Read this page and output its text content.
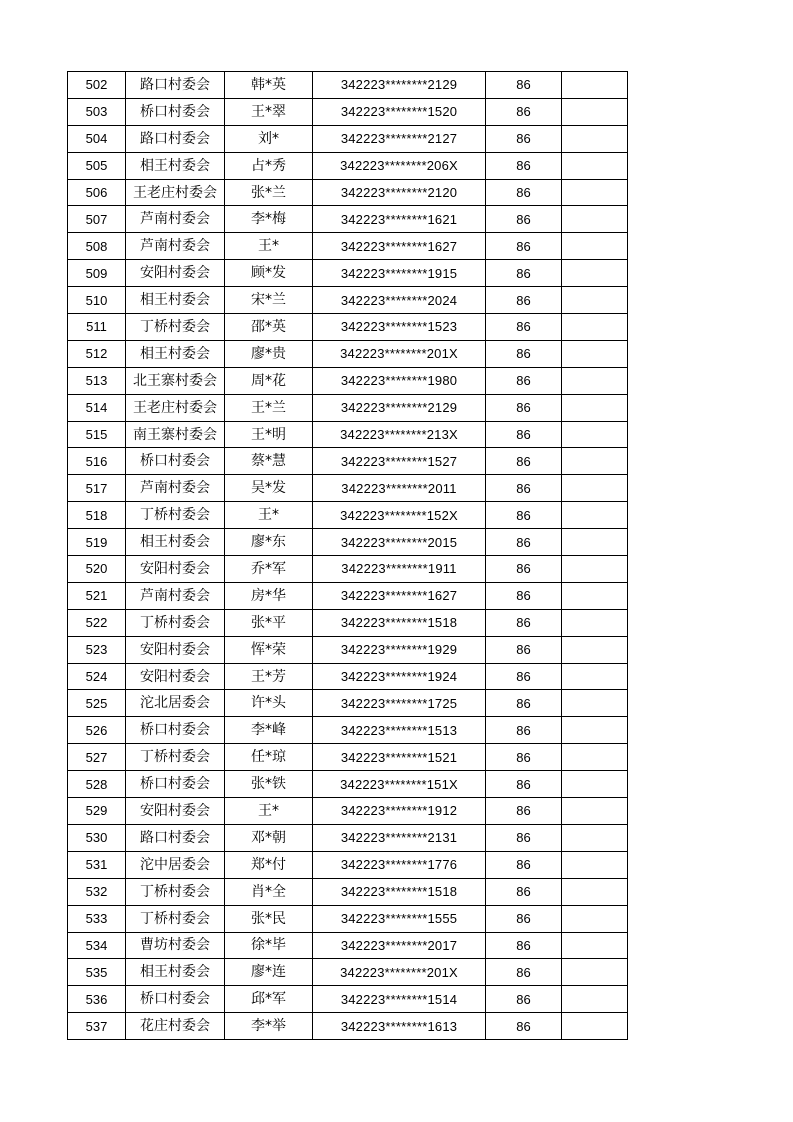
502	路口村委会	韩*英	342223********2129	86	
503	桥口村委会	王*翠	342223********1520	86	
504	路口村委会	刘*	342223********2127	86	
505	相王村委会	占*秀	342223********206X	86	
506	王老庄村委会	张*兰	342223********2120	86	
507	芦南村委会	李*梅	342223********1621	86	
508	芦南村委会	王*	342223********1627	86	
509	安阳村委会	顾*发	342223********1915	86	
510	相王村委会	宋*兰	342223********2024	86	
511	丁桥村委会	邵*英	342223********1523	86	
512	相王村委会	廖*贵	342223********201X	86	
513	北王寨村委会	周*花	342223********1980	86	
514	王老庄村委会	王*兰	342223********2129	86	
515	南王寨村委会	王*明	342223********213X	86	
516	桥口村委会	蔡*慧	342223********1527	86	
517	芦南村委会	吴*发	342223********2011	86	
518	丁桥村委会	王*	342223********152X	86	
519	相王村委会	廖*东	342223********2015	86	
520	安阳村委会	乔*军	342223********1911	86	
521	芦南村委会	房*华	342223********1627	86	
522	丁桥村委会	张*平	342223********1518	86	
523	安阳村委会	恽*荣	342223********1929	86	
524	安阳村委会	王*芳	342223********1924	86	
525	沱北居委会	许*头	342223********1725	86	
526	桥口村委会	李*峰	342223********1513	86	
527	丁桥村委会	任*琼	342223********1521	86	
528	桥口村委会	张*铁	342223********151X	86	
529	安阳村委会	王*	342223********1912	86	
530	路口村委会	邓*朝	342223********2131	86	
531	沱中居委会	郑*付	342223********1776	86	
532	丁桥村委会	肖*全	342223********1518	86	
533	丁桥村委会	张*民	342223********1555	86	
534	曹坊村委会	徐*毕	342223********2017	86	
535	相王村委会	廖*连	342223********201X	86	
536	桥口村委会	邱*军	342223********1514	86	
537	花庄村委会	李*举	342223********1613	86	
